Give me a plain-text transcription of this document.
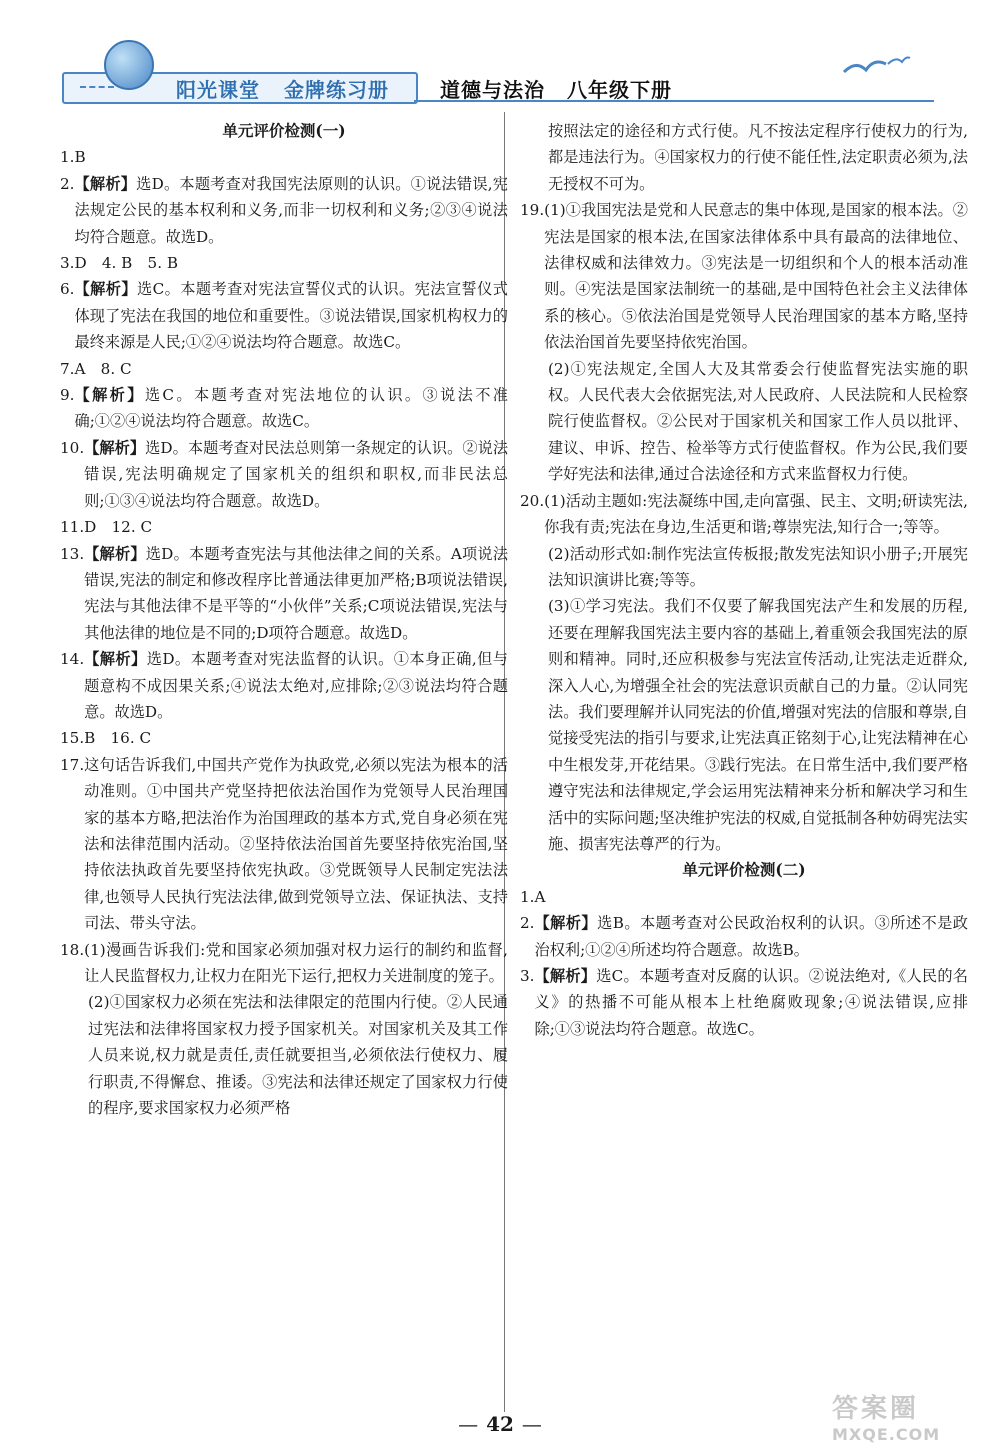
阳光课堂 金牌练习册	道德与法治 八年级下册

单元评价检测(一)

1. B
2. 【解析】选D。本题考查对我国宪法原则的认识。①说法错误,宪法规定公民的基本权利和义务,而非一切权利和义务;②③④说法均符合题意。故选D。
3. D　4. B　5. B
6. 【解析】选C。本题考查对宪法宣誓仪式的认识。宪法宣誓仪式体现了宪法在我国的地位和重要性。③说法错误,国家机构权力的最终来源是人民;①②④说法均符合题意。故选C。
7. A　8. C
9. 【解析】选C。本题考查对宪法地位的认识。③说法不准确;①②④说法均符合题意。故选C。
10. 【解析】选D。本题考查对民法总则第一条规定的认识。②说法错误,宪法明确规定了国家机关的组织和职权,而非民法总则;①③④说法均符合题意。故选D。
11. D　12. C
13. 【解析】选D。本题考查宪法与其他法律之间的关系。A项说法错误,宪法的制定和修改程序比普通法律更加严格;B项说法错误,宪法与其他法律不是平等的“小伙伴”关系;C项说法错误,宪法与其他法律的地位是不同的;D项符合题意。故选D。
14. 【解析】选D。本题考查对宪法监督的认识。①本身正确,但与题意构不成因果关系;④说法太绝对,应排除;②③说法均符合题意。故选D。
15. B　16. C
17. 这句话告诉我们,中国共产党作为执政党,必须以宪法为根本的活动准则。①中国共产党坚持把依法治国作为党领导人民治理国家的基本方略,把法治作为治国理政的基本方式,党自身必须在宪法和法律范围内活动。②坚持依法治国首先要坚持依宪治国,坚持依法执政首先要坚持依宪执政。③党既领导人民制定宪法法律,也领导人民执行宪法法律,做到党领导立法、保证执法、支持司法、带头守法。
18. (1)漫画告诉我们:党和国家必须加强对权力运行的制约和监督,让人民监督权力,让权力在阳光下运行,把权力关进制度的笼子。

(2)①国家权力必须在宪法和法律限定的范围内行使。②人民通过宪法和法律将国家权力授予国家机关。对国家机关及其工作人员来说,权力就是责任,责任就要担当,必须依法行使权力、履行职责,不得懈怠、推诿。③宪法和法律还规定了国家权力行使的程序,要求国家权力必须严格

按照法定的途径和方式行使。凡不按法定程序行使权力的行为,都是违法行为。④国家权力的行使不能任性,法定职责必须为,法无授权不可为。

19. (1)①我国宪法是党和人民意志的集中体现,是国家的根本法。②宪法是国家的根本法,在国家法律体系中具有最高的法律地位、法律权威和法律效力。③宪法是一切组织和个人的根本活动准则。④宪法是国家法制统一的基础,是中国特色社会主义法律体系的核心。⑤依法治国是党领导人民治理国家的基本方略,坚持依法治国首先要坚持依宪治国。

(2)①宪法规定,全国人大及其常委会行使监督宪法实施的职权。人民代表大会依据宪法,对人民政府、人民法院和人民检察院行使监督权。②公民对于国家机关和国家工作人员以批评、建议、申诉、控告、检举等方式行使监督权。作为公民,我们要学好宪法和法律,通过合法途径和方式来监督权力行使。

20. (1)活动主题如:宪法凝练中国,走向富强、民主、文明;研读宪法,你我有责;宪法在身边,生活更和谐;尊崇宪法,知行合一;等等。

(2)活动形式如:制作宪法宣传板报;散发宪法知识小册子;开展宪法知识演讲比赛;等等。

(3)①学习宪法。我们不仅要了解我国宪法产生和发展的历程,还要在理解我国宪法主要内容的基础上,着重领会我国宪法的原则和精神。同时,还应积极参与宪法宣传活动,让宪法走近群众,深入人心,为增强全社会的宪法意识贡献自己的力量。②认同宪法。我们要理解并认同宪法的价值,增强对宪法的信服和尊崇,自觉接受宪法的指引与要求,让宪法真正铭刻于心,让宪法精神在心中生根发芽,开花结果。③践行宪法。在日常生活中,我们要严格遵守宪法和法律规定,学会运用宪法精神来分析和解决学习和生活中的实际问题;坚决维护宪法的权威,自觉抵制各种妨碍宪法实施、损害宪法尊严的行为。

单元评价检测(二)

1. A
2. 【解析】选B。本题考查对公民政治权利的认识。③所述不是政治权利;①②④所述均符合题意。故选B。
3. 【解析】选C。本题考查对反腐的认识。②说法绝对,《人民的名义》的热播不可能从根本上杜绝腐败现象;④说法错误,应排除;①③说法均符合题意。故选C。
— 42 —	答案圈
MXQE.COM
